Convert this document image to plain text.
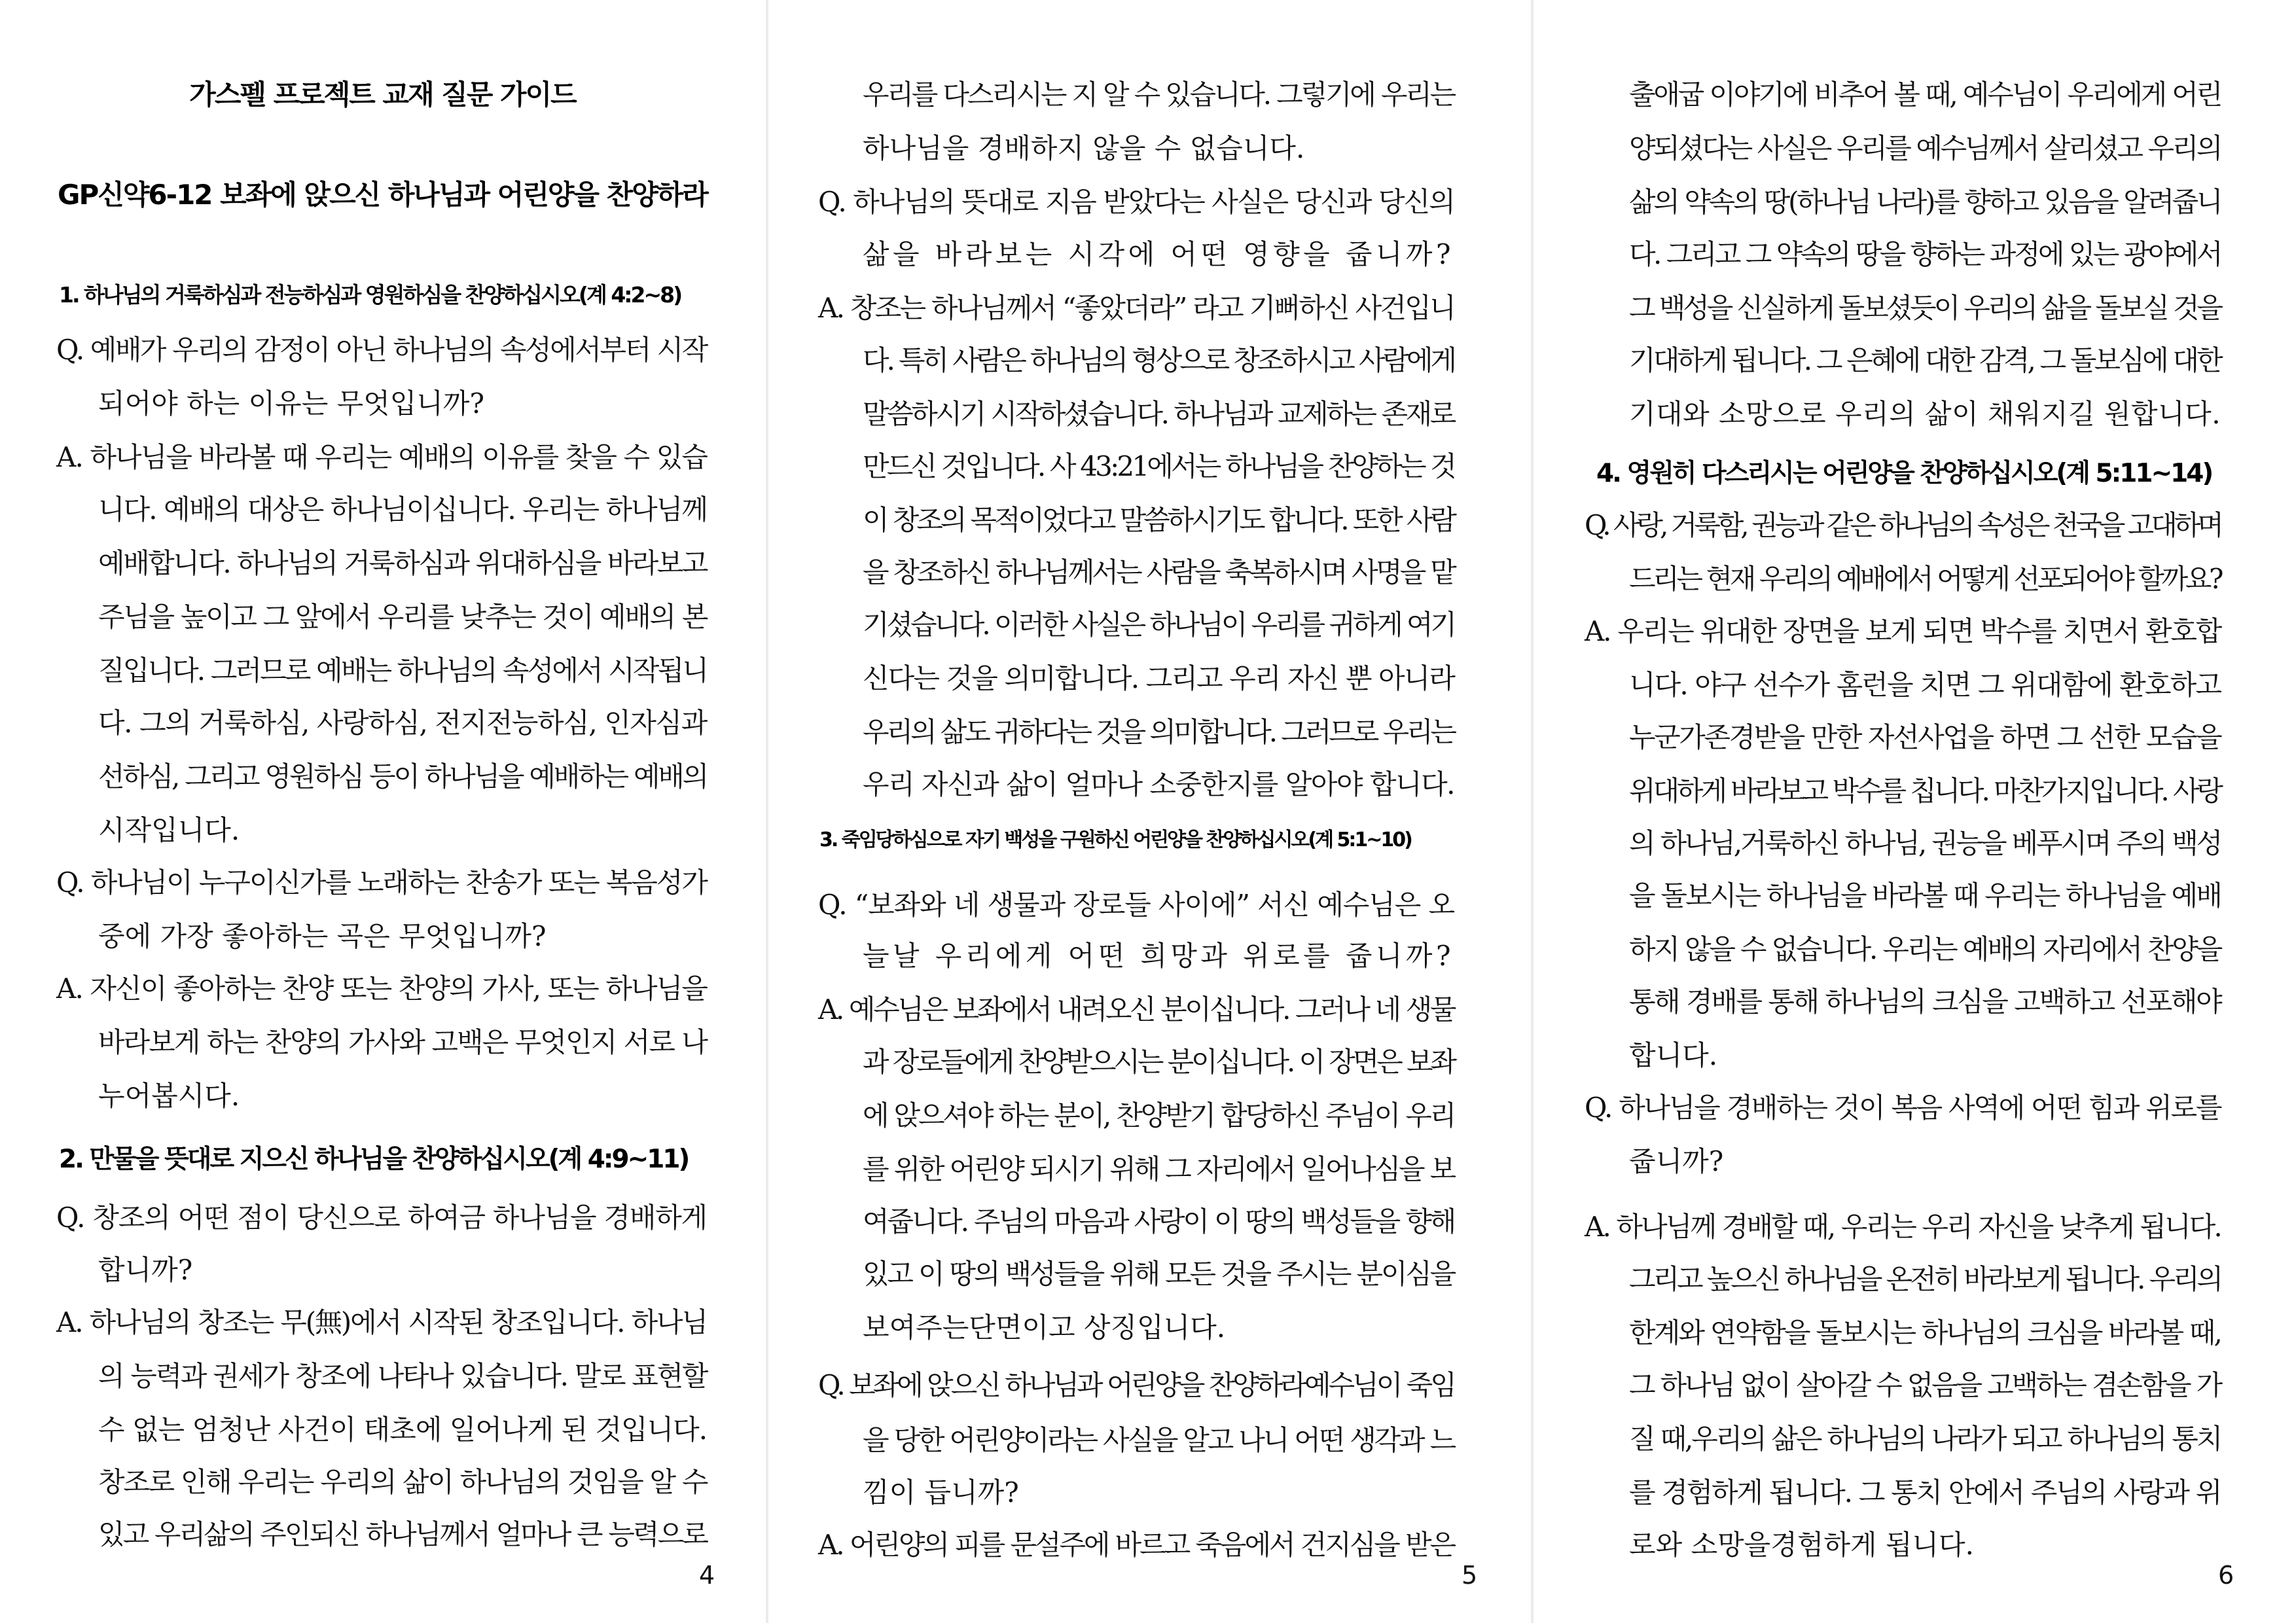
가스펠 프로젝트 교재 질문 가이드
GP신약6-12 보좌에 앉으신 하나님과 어린양을 찬양하라
1. 하나님의 거룩하심과 전능하심과 영원하심을 찬양하십시오(계 4:2~8)
Q. 예배가 우리의 감정이 아닌 하나님의 속성에서부터 시작
되어야 하는 이유는 무엇입니까?
A. 하나님을 바라볼 때 우리는 예배의 이유를 찾을 수 있습
니다. 예배의 대상은 하나님이십니다. 우리는 하나님께
예배합니다. 하나님의 거룩하심과 위대하심을 바라보고
주님을 높이고 그 앞에서 우리를 낮추는 것이 예배의 본
질입니다. 그러므로 예배는 하나님의 속성에서 시작됩니
다. 그의 거룩하심, 사랑하심, 전지전능하심, 인자심과
선하심, 그리고 영원하심 등이 하나님을 예배하는 예배의
시작입니다.
Q. 하나님이 누구이신가를 노래하는 찬송가 또는 복음성가
중에 가장 좋아하는 곡은 무엇입니까?
A. 자신이 좋아하는 찬양 또는 찬양의 가사, 또는 하나님을
바라보게 하는 찬양의 가사와 고백은 무엇인지 서로 나
누어봅시다.
2. 만물을 뜻대로 지으신 하나님을 찬양하십시오(계 4:9~11)
Q. 창조의 어떤 점이 당신으로 하여금 하나님을 경배하게
합니까?
A. 하나님의 창조는 무(無)에서 시작된 창조입니다. 하나님
의 능력과 권세가 창조에 나타나 있습니다. 말로 표현할
수 없는 엄청난 사건이 태초에 일어나게 된 것입니다.
창조로 인해 우리는 우리의 삶이 하나님의 것임을 알 수
있고 우리삶의 주인되신 하나님께서 얼마나 큰 능력으로
4
우리를 다스리시는 지 알 수 있습니다. 그렇기에 우리는
하나님을 경배하지 않을 수 없습니다.
Q. 하나님의 뜻대로 지음 받았다는 사실은 당신과 당신의
삶을 바라보는 시각에 어떤 영향을 줍니까?
A. 창조는 하나님께서 “좋았더라” 라고 기뻐하신 사건입니
다. 특히 사람은 하나님의 형상으로 창조하시고 사람에게
말씀하시기 시작하셨습니다. 하나님과 교제하는 존재로
만드신 것입니다. 사 43:21에서는 하나님을 찬양하는 것
이 창조의 목적이었다고 말씀하시기도 합니다. 또한 사람
을 창조하신 하나님께서는 사람을 축복하시며 사명을 맡
기셨습니다. 이러한 사실은 하나님이 우리를 귀하게 여기
신다는 것을 의미합니다. 그리고 우리 자신 뿐 아니라
우리의 삶도 귀하다는 것을 의미합니다. 그러므로 우리는
우리 자신과 삶이 얼마나 소중한지를 알아야 합니다.
3. 죽임당하심으로 자기 백성을 구원하신 어린양을 찬양하십시오(계 5:1~10)
Q. “보좌와 네 생물과 장로들 사이에” 서신 예수님은 오
늘날 우리에게 어떤 희망과 위로를 줍니까?
A. 예수님은 보좌에서 내려오신 분이십니다. 그러나 네 생물
과 장로들에게 찬양받으시는 분이십니다. 이 장면은 보좌
에 앉으셔야 하는 분이, 찬양받기 합당하신 주님이 우리
를 위한 어린양 되시기 위해 그 자리에서 일어나심을 보
여줍니다. 주님의 마음과 사랑이 이 땅의 백성들을 향해
있고 이 땅의 백성들을 위해 모든 것을 주시는 분이심을
보여주는단면이고 상징입니다.
Q. 보좌에 앉으신 하나님과 어린양을 찬양하라예수님이 죽임
을 당한 어린양이라는 사실을 알고 나니 어떤 생각과 느
낌이 듭니까?
A. 어린양의 피를 문설주에 바르고 죽음에서 건지심을 받은
5
출애굽 이야기에 비추어 볼 때, 예수님이 우리에게 어린
양되셨다는 사실은 우리를 예수님께서 살리셨고 우리의
삶의 약속의 땅(하나님 나라)를 향하고 있음을 알려줍니
다. 그리고 그 약속의 땅을 향하는 과정에 있는 광야에서
그 백성을 신실하게 돌보셨듯이 우리의 삶을 돌보실 것을
기대하게 됩니다. 그 은혜에 대한 감격, 그 돌보심에 대한
기대와 소망으로 우리의 삶이 채워지길 원합니다.
4. 영원히 다스리시는 어린양을 찬양하십시오(계 5:11~14)
Q. 사랑, 거룩함, 권능과 같은 하나님의 속성은 천국을 고대하며
드리는 현재 우리의 예배에서 어떻게 선포되어야 할까요?
A. 우리는 위대한 장면을 보게 되면 박수를 치면서 환호합
니다. 야구 선수가 홈런을 치면 그 위대함에 환호하고
누군가존경받을 만한 자선사업을 하면 그 선한 모습을
위대하게 바라보고 박수를 칩니다. 마찬가지입니다. 사랑
의 하나님,거룩하신 하나님, 권능을 베푸시며 주의 백성
을 돌보시는 하나님을 바라볼 때 우리는 하나님을 예배
하지 않을 수 없습니다. 우리는 예배의 자리에서 찬양을
통해 경배를 통해 하나님의 크심을 고백하고 선포해야
합니다.
Q. 하나님을 경배하는 것이 복음 사역에 어떤 힘과 위로를
줍니까?
A. 하나님께 경배할 때, 우리는 우리 자신을 낮추게 됩니다.
그리고 높으신 하나님을 온전히 바라보게 됩니다. 우리의
한계와 연약함을 돌보시는 하나님의 크심을 바라볼 때,
그 하나님 없이 살아갈 수 없음을 고백하는 겸손함을 가
질 때,우리의 삶은 하나님의 나라가 되고 하나님의 통치
를 경험하게 됩니다. 그 통치 안에서 주님의 사랑과 위
로와 소망을경험하게 됩니다.
6
